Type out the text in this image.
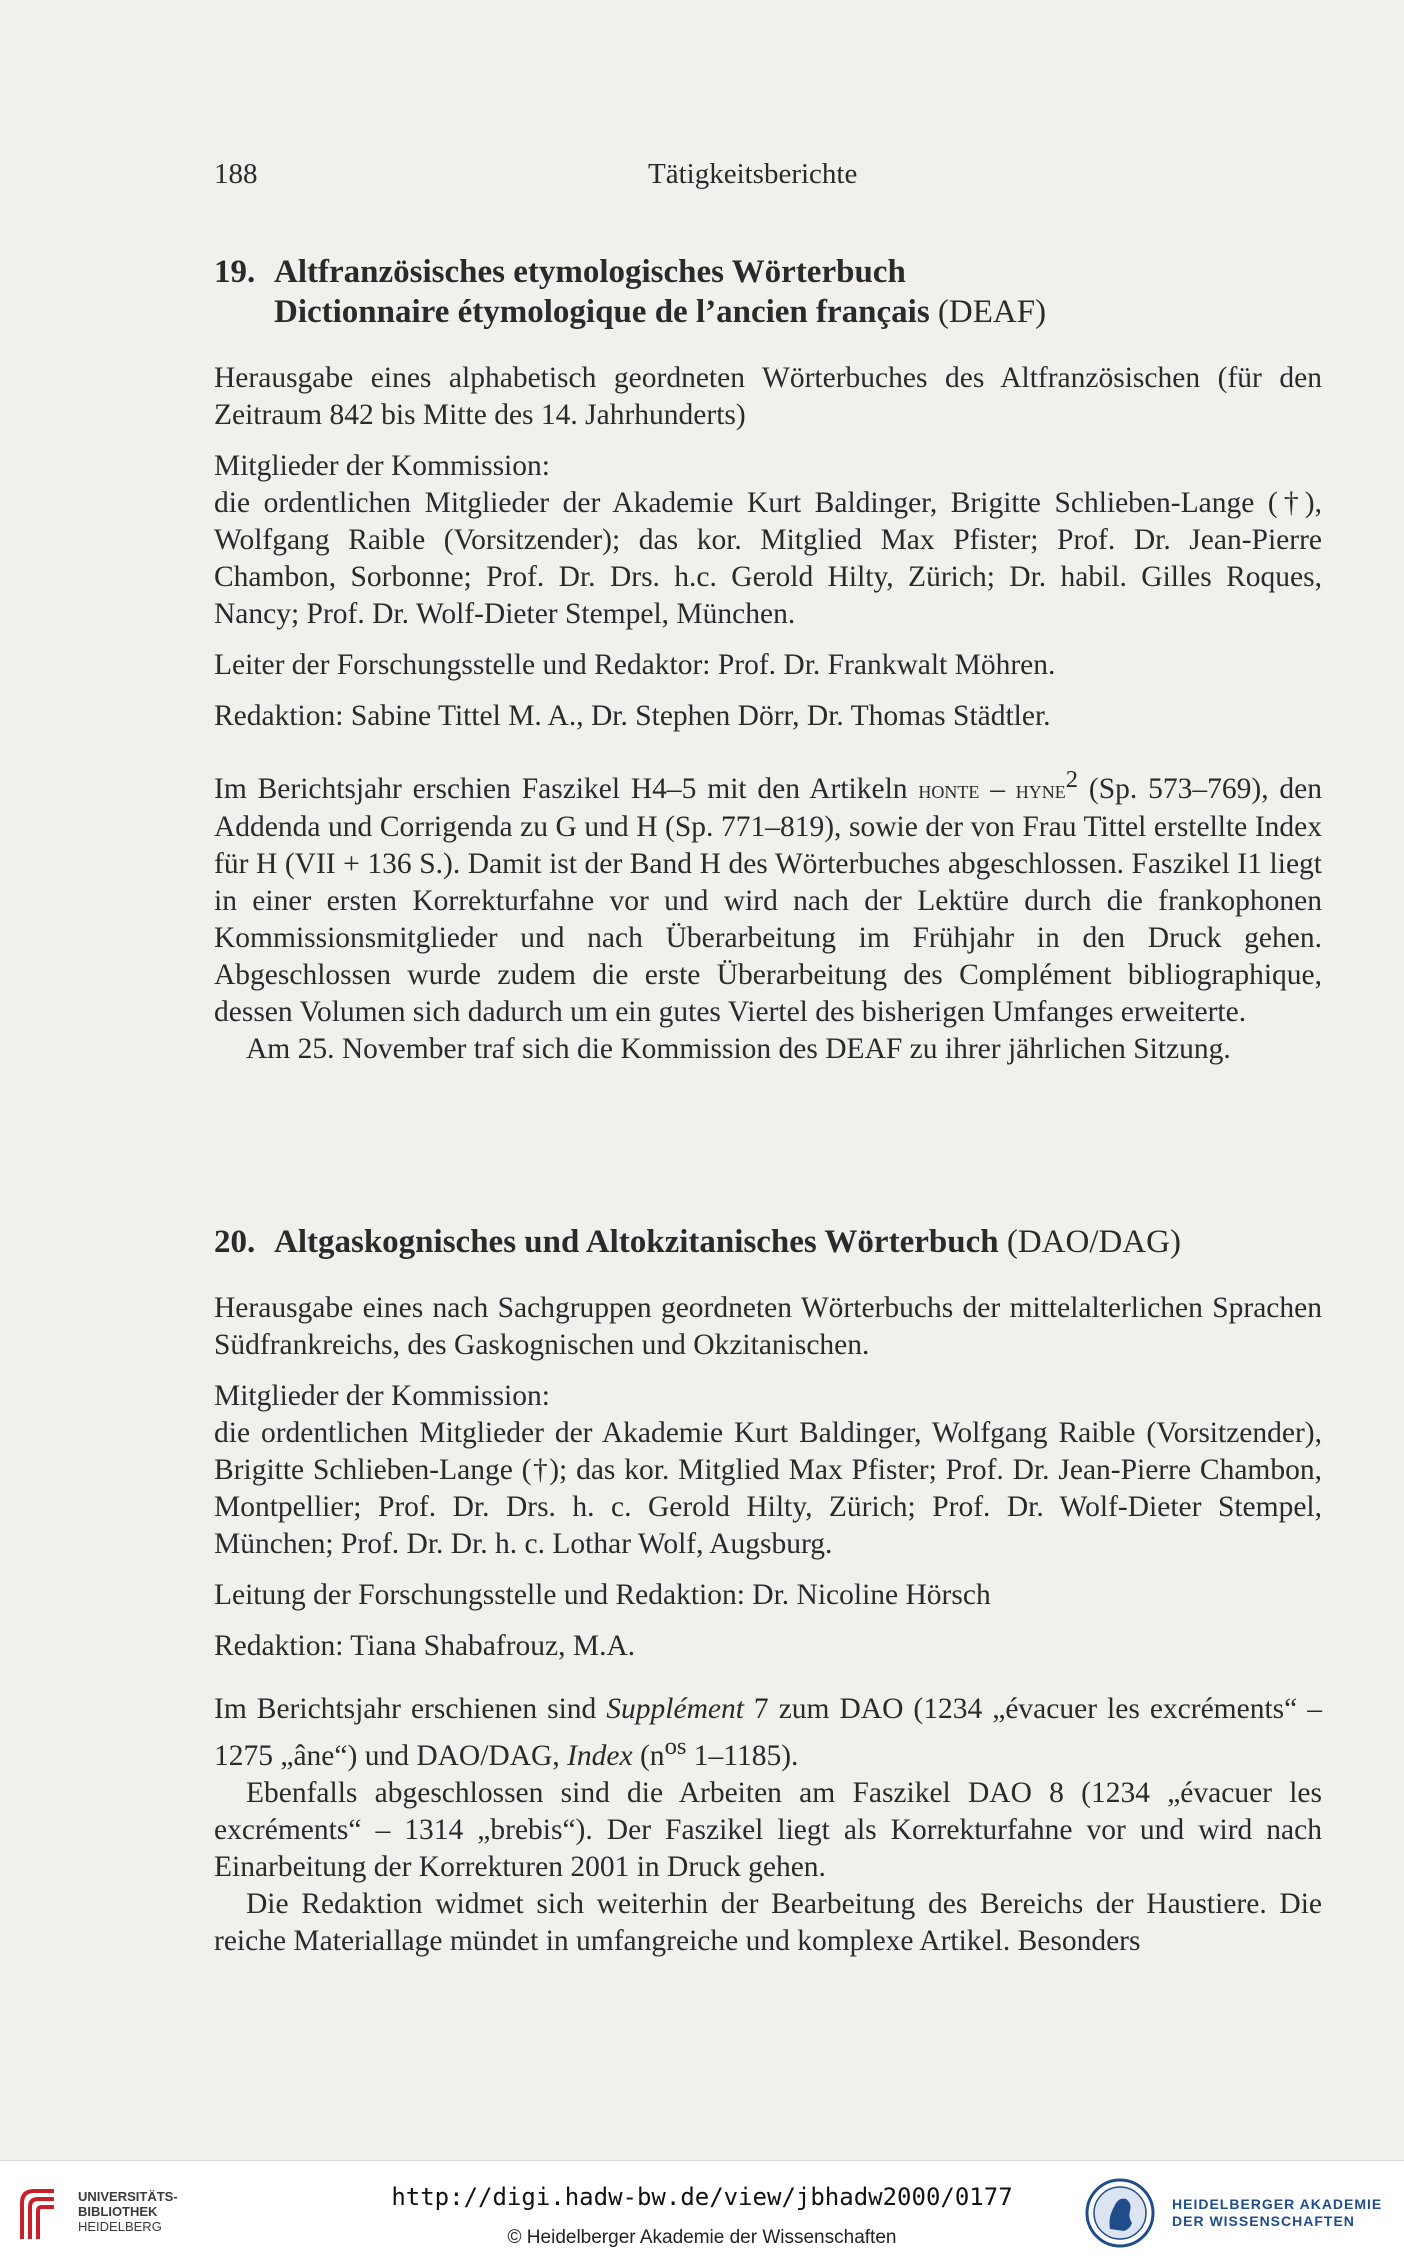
188	Tätigkeitsberichte
19. Altfranzösisches etymologisches Wörterbuch
Dictionnaire étymologique de l’ancien français (DEAF)

Herausgabe eines alphabetisch geordneten Wörterbuches des Altfranzösischen (für den Zeitraum 842 bis Mitte des 14. Jahrhunderts)

Mitglieder der Kommission:

die ordentlichen Mitglieder der Akademie Kurt Baldinger, Brigitte Schlieben-Lange (†), Wolfgang Raible (Vorsitzender); das kor. Mitglied Max Pfister; Prof. Dr. Jean-Pierre Chambon, Sorbonne; Prof. Dr. Drs. h.c. Gerold Hilty, Zürich; Dr. habil. Gilles Roques, Nancy; Prof. Dr. Wolf-Dieter Stempel, München.

Leiter der Forschungsstelle und Redaktor: Prof. Dr. Frankwalt Möhren.

Redaktion: Sabine Tittel M. A., Dr. Stephen Dörr, Dr. Thomas Städtler.

Im Berichtsjahr erschien Faszikel H4–5 mit den Artikeln honte – hyne$^2$ (Sp. 573–769), den Addenda und Corrigenda zu G und H (Sp. 771–819), sowie der von Frau Tittel erstellte Index für H (VII + 136 S.). Damit ist der Band H des Wörterbuches abgeschlossen. Faszikel I1 liegt in einer ersten Korrekturfahne vor und wird nach der Lektüre durch die frankophonen Kommissionsmitglieder und nach Überarbeitung im Frühjahr in den Druck gehen. Abgeschlossen wurde zudem die erste Überarbeitung des Complément bibliographique, dessen Volumen sich dadurch um ein gutes Viertel des bisherigen Umfanges erweiterte.

Am 25. November traf sich die Kommission des DEAF zu ihrer jährlichen Sitzung.

20. Altgaskognisches und Altokzitanisches Wörterbuch (DAO/DAG)

Herausgabe eines nach Sachgruppen geordneten Wörterbuchs der mittelalterlichen Sprachen Südfrankreichs, des Gaskognischen und Okzitanischen.

Mitglieder der Kommission:

die ordentlichen Mitglieder der Akademie Kurt Baldinger, Wolfgang Raible (Vorsitzender), Brigitte Schlieben-Lange (†); das kor. Mitglied Max Pfister; Prof. Dr. Jean-Pierre Chambon, Montpellier; Prof. Dr. Drs. h. c. Gerold Hilty, Zürich; Prof. Dr. Wolf-Dieter Stempel, München; Prof. Dr. Dr. h. c. Lothar Wolf, Augsburg.

Leitung der Forschungsstelle und Redaktion: Dr. Nicoline Hörsch

Redaktion: Tiana Shabafrouz, M.A.

Im Berichtsjahr erschienen sind Supplément 7 zum DAO (1234 „évacuer les excréments“ – 1275 „âne“) und DAO/DAG, Index ($n^{os}$ 1–1185).

Ebenfalls abgeschlossen sind die Arbeiten am Faszikel DAO 8 (1234 „évacuer les excréments“ – 1314 „brebis“). Der Faszikel liegt als Korrekturfahne vor und wird nach Einarbeitung der Korrekturen 2001 in Druck gehen.

Die Redaktion widmet sich weiterhin der Bearbeitung des Bereichs der Haustiere. Die reiche Materiallage mündet in umfangreiche und komplexe Artikel. Besonders

UNIVERSITÄTS-
BIBLIOTHEK
HEIDELBERG
http://digi.hadw-bw.de/view/jbhadw2000/0177
© Heidelberger Akademie der Wissenschaften
HEIDELBERGER AKADEMIE
DER WISSENSCHAFTEN
